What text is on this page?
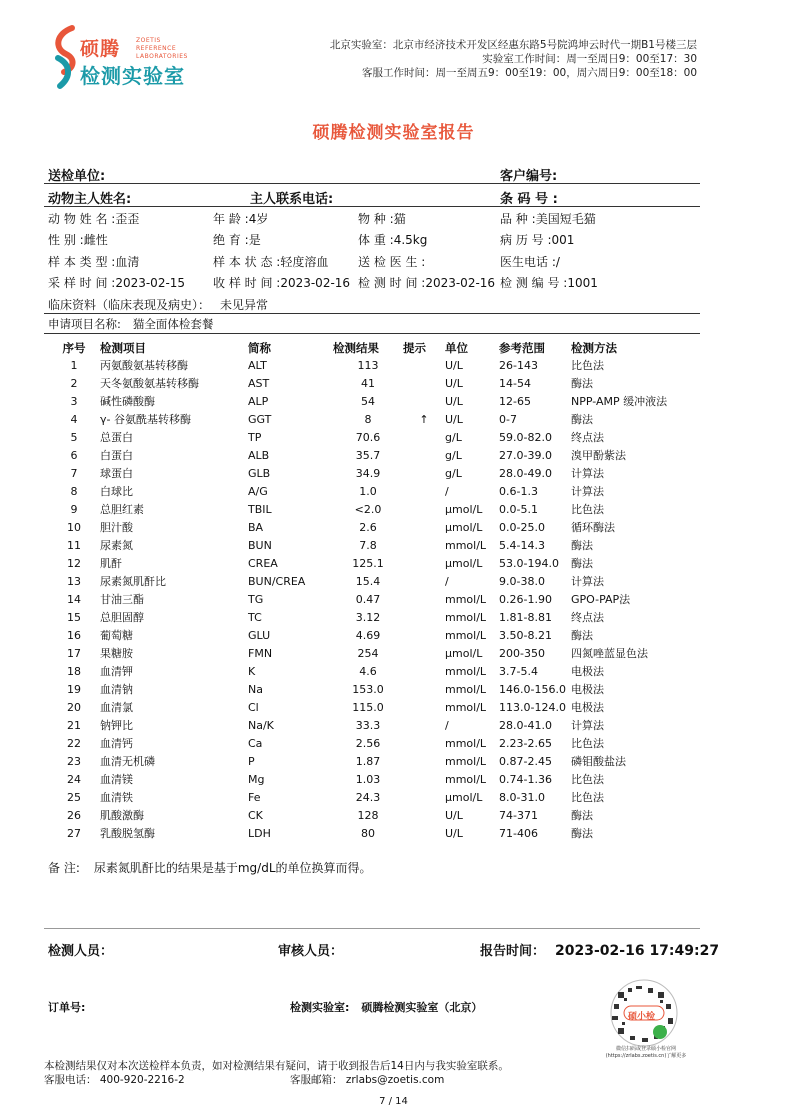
硕腾	ZOETIS REFERENCE
LABORATORIES
检测实验室
北京实验室：北京市经济技术开发区经惠东路5号院鸿坤云时代一期B1号楼三层
实验室工作时间：周一至周日9：00至17：30
客服工作时间：周一至周五9：00至19：00，周六周日9：00至18：00
硕腾检测实验室报告
送检单位:	客户编号:
动物主人姓名:	主人联系电话:	条 码 号 :
动 物 姓 名 :歪歪	年 龄 :4岁	物 种 :猫	品 种 :美国短毛猫
性 别 :雌性	绝 育 :是	体 重 :4.5kg	病 历 号 :001
样 本 类 型 :血清	样 本 状 态 :轻度溶血 送 检 医 生 :	医生电话 :/
采 样 时 间 :2023-02-15 收 样 时 间 :2023-02-16 检 测 时 间 :2023-02-16 检 测 编 号 :1001
临床资料（临床表现及病史）： 未见异常
申请项目名称: 猫全面体检套餐
序号	检测项目	简称	检测结果	提示	单位	参考范围	检测方法
1	丙氨酸氨基转移酶	ALT	113		U/L	26-143	比色法
2	天冬氨酸氨基转移酶	AST	41		U/L	14-54	酶法
3	碱性磷酸酶	ALP	54		U/L	12-65	NPP-AMP 缓冲液法
4	γ- 谷氨酰基转移酶	GGT	8	↑	U/L	0-7	酶法
5	总蛋白	TP	70.6		g/L	59.0-82.0	终点法
6	白蛋白	ALB	35.7		g/L	27.0-39.0	溴甲酚紫法
7	球蛋白	GLB	34.9		g/L	28.0-49.0	计算法
8	白球比	A/G	1.0		/	0.6-1.3	计算法
9	总胆红素	TBIL	<2.0		μmol/L	0.0-5.1	比色法
10	胆汁酸	BA	2.6		μmol/L	0.0-25.0	循环酶法
11	尿素氮	BUN	7.8		mmol/L	5.4-14.3	酶法
12	肌酐	CREA	125.1		μmol/L	53.0-194.0	酶法
13	尿素氮肌酐比	BUN/CREA	15.4		/	9.0-38.0	计算法
14	甘油三酯	TG	0.47		mmol/L	0.26-1.90	GPO-PAP法
15	总胆固醇	TC	3.12		mmol/L	1.81-8.81	终点法
16	葡萄糖	GLU	4.69		mmol/L	3.50-8.21	酶法
17	果糖胺	FMN	254		μmol/L	200-350	四氮唑蓝显色法
18	血清钾	K	4.6		mmol/L	3.7-5.4	电极法
19	血清钠	Na	153.0		mmol/L	146.0-156.0	电极法
20	血清氯	Cl	115.0		mmol/L	113.0-124.0	电极法
21	钠钾比	Na/K	33.3		/	28.0-41.0	计算法
22	血清钙	Ca	2.56		mmol/L	2.23-2.65	比色法
23	血清无机磷	P	1.87		mmol/L	0.87-2.45	磷钼酸盐法
24	血清镁	Mg	1.03		mmol/L	0.74-1.36	比色法
25	血清铁	Fe	24.3		μmol/L	8.0-31.0	比色法
26	肌酸激酶	CK	128		U/L	74-371	酶法
27	乳酸脱氢酶	LDH	80		U/L	71-406	酶法
备 注: 尿素氮肌酐比的结果是基于mg/dL的单位换算而得。
检测人员：	审核人员：	报告时间： 2023-02-16 17:49:27
订单号:	检测实验室: 硕腾检测实验室（北京）
硕小检
微信扫码或登录硕小检官网
(https://zrlabs.zoetis.cn)了解更多
本检测结果仅对本次送检样本负责，如对检测结果有疑问，请于收到报告后14日内与我实验室联系。
客服电话： 400-920-2216-2	客服邮箱： zrlabs@zoetis.com
7 / 14
